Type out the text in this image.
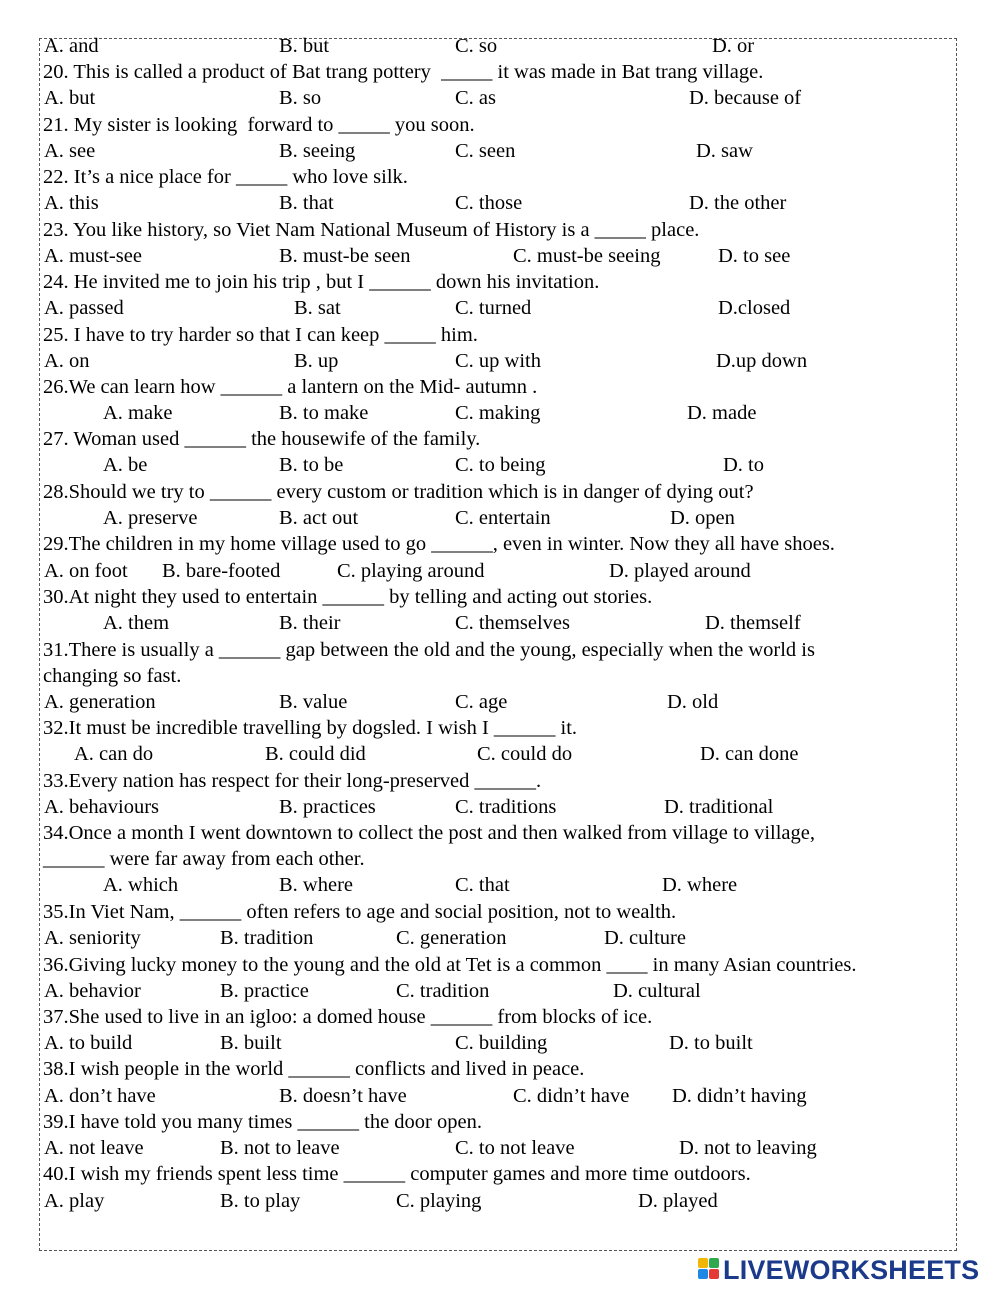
A. and	B. but	C. so	D. or
20. This is called a product of Bat trang pottery  _____ it was made in Bat trang village.
A. but	B. so	C. as	D. because of
21. My sister is looking  forward to _____ you soon.
A. see	B. seeing	C. seen	D. saw
22. It’s a nice place for _____ who love silk.
A. this	B. that	C. those	D. the other
23. You like history, so Viet Nam National Museum of History is a _____ place.
A. must-see	B. must-be seen	C. must-be seeing	D. to see
24. He invited me to join his trip , but I ______ down his invitation.
A. passed	B. sat	C. turned	D.closed
25. I have to try harder so that I can keep _____ him.
A. on	B. up	C. up with	D.up down
26.We can learn how ______ a lantern on the Mid- autumn .
A. make	B. to make	C. making	D. made
27. Woman used ______ the housewife of the family.
A. be	B. to be	C. to being	D. to
28.Should we try to ______ every custom or tradition which is in danger of dying out?
A. preserve	B. act out	C. entertain	D. open
29.The children in my home village used to go ______, even in winter. Now they all have shoes.
A. on foot B. bare-footed	C. playing around	D. played around
30.At night they used to entertain ______ by telling and acting out stories.
A. them	B. their	C. themselves	D. themself
31.There is usually a ______ gap between the old and the young, especially when the world is
changing so fast.
A. generation	B. value	C. age	D. old
32.It must be incredible travelling by dogsled. I wish I ______ it.
A. can do	B. could did	C. could do	D. can done
33.Every nation has respect for their long-preserved ______.
A. behaviours	B. practices	C. traditions	D. traditional
34.Once a month I went downtown to collect the post and then walked from village to village,
______ were far away from each other.
A. which	B. where	C. that	D. where
35.In Viet Nam, ______ often refers to age and social position, not to wealth.
A. seniority	B. tradition	C. generation	D. culture
36.Giving lucky money to the young and the old at Tet is a common ____ in many Asian countries.
A. behavior	B. practice	C. tradition	D. cultural
37.She used to live in an igloo: a domed house ______ from blocks of ice.
A. to build	B. built	C. building	D. to built
38.I wish people in the world ______ conflicts and lived in peace.
A. don’t have	B. doesn’t have	C. didn’t have D. didn’t having
39.I have told you many times ______ the door open.
A. not leave	B. not to leave	C. to not leave	D. not to leaving
40.I wish my friends spent less time ______ computer games and more time outdoors.
A. play	B. to play	C. playing	D. played
LIVEWORKSHEETS
